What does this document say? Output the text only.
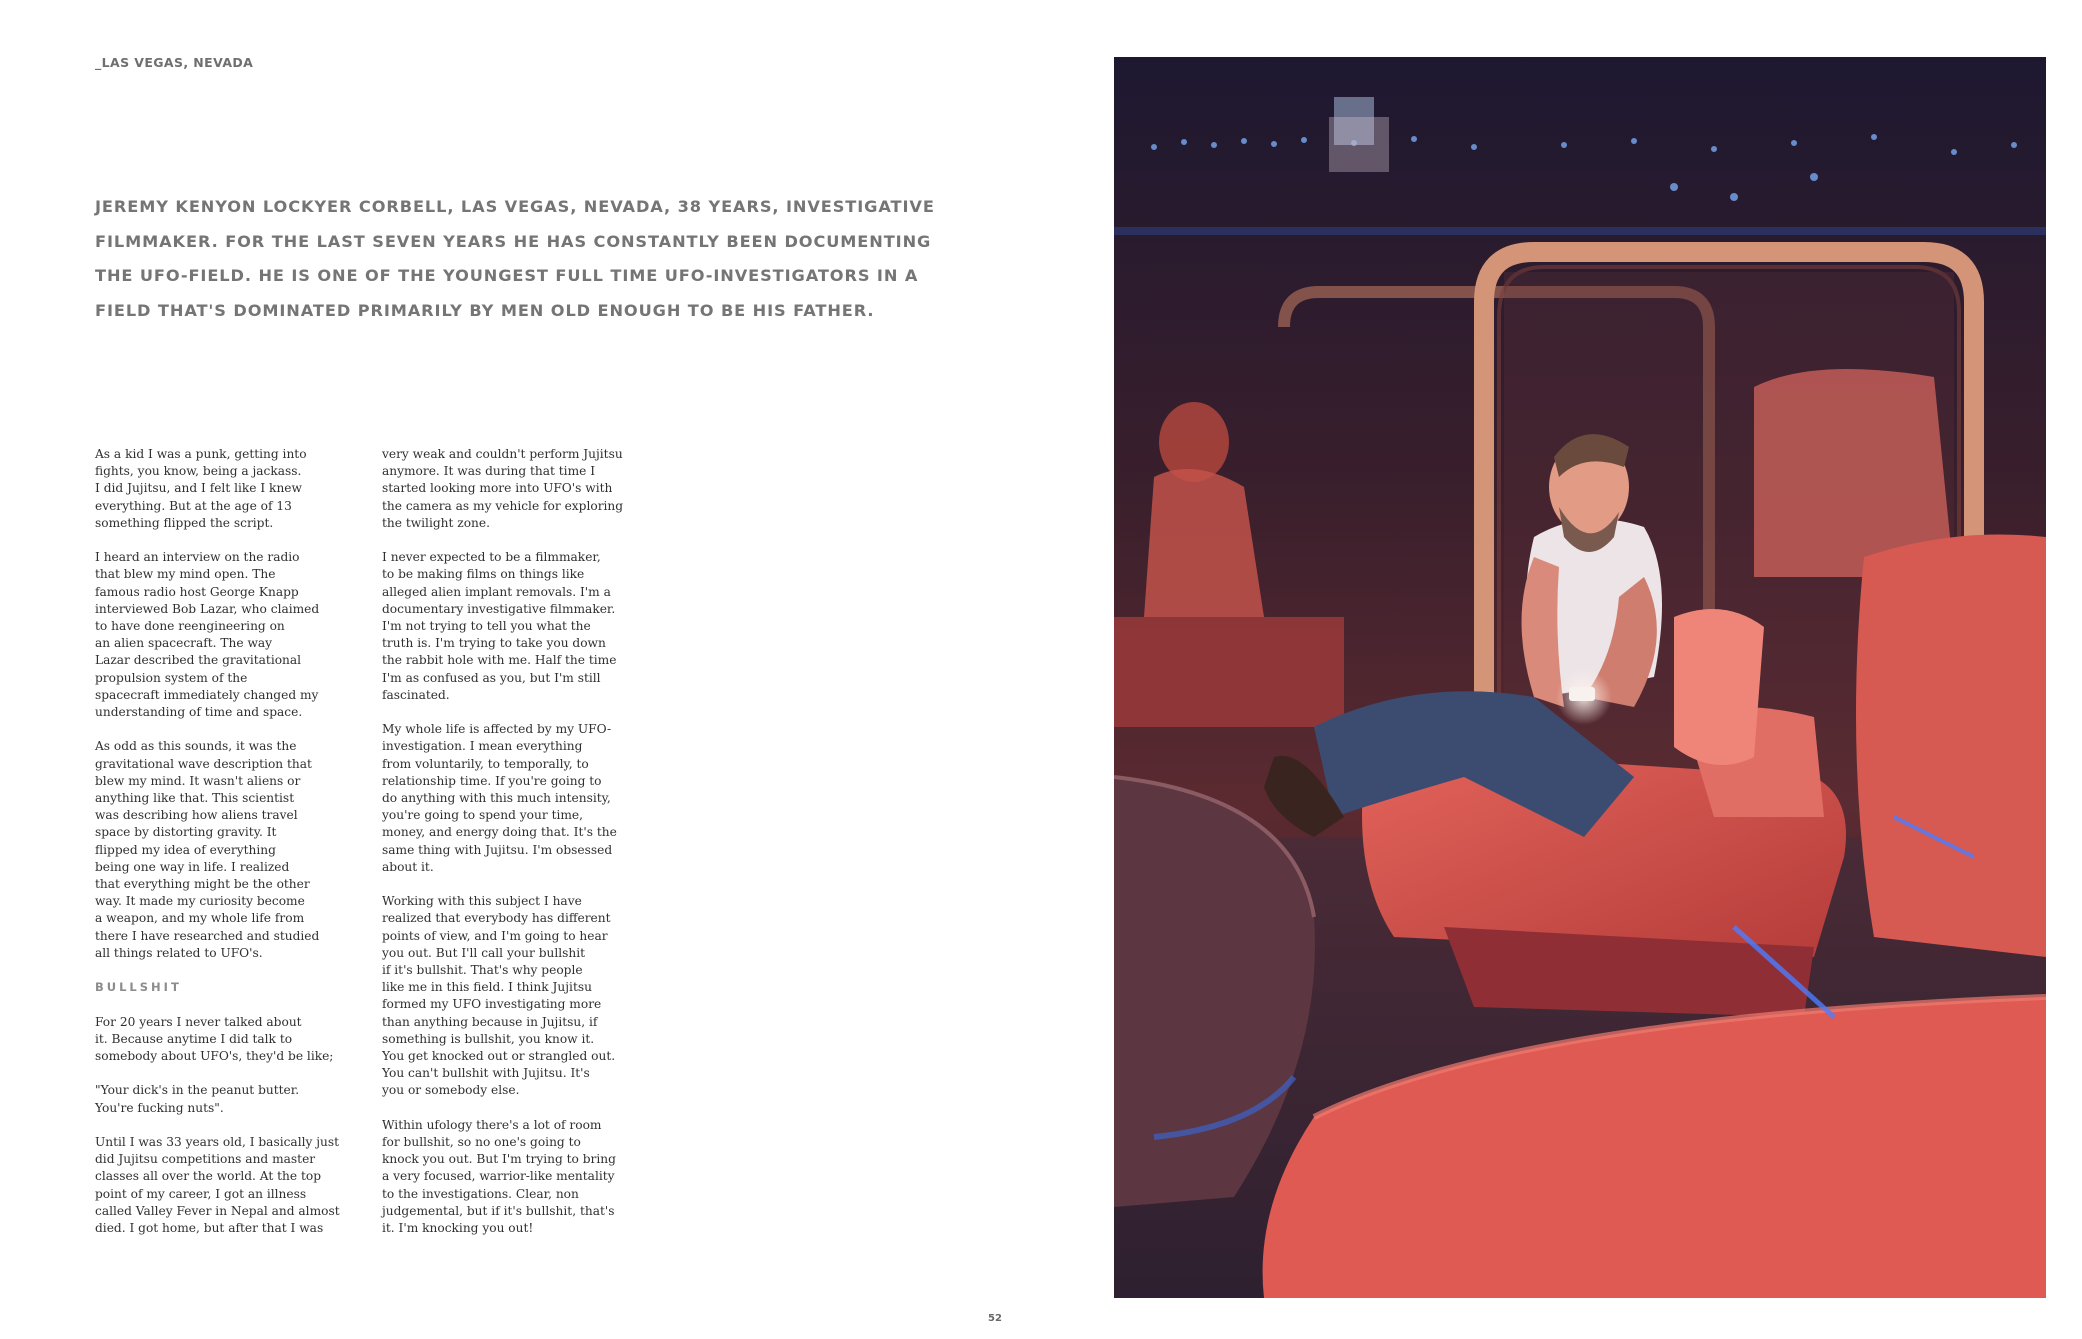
_LAS VEGAS, NEVADA

JEREMY KENYON LOCKYER CORBELL, LAS VEGAS, NEVADA, 38 YEARS, INVESTIGATIVE FILMMAKER. FOR THE LAST SEVEN YEARS HE HAS CONSTANTLY BEEN DOCUMENTING THE UFO-FIELD. HE IS ONE OF THE YOUNGEST FULL TIME UFO-INVESTIGATORS IN A FIELD THAT'S DOMINATED PRIMARILY BY MEN OLD ENOUGH TO BE HIS FATHER.

As a kid I was a punk, getting into
fights, you know, being a jackass.
I did Jujitsu, and I felt like I knew
everything. But at the age of 13
something flipped the script.

I heard an interview on the radio
that blew my mind open. The
famous radio host George Knapp
interviewed Bob Lazar, who claimed
to have done reengineering on
an alien spacecraft. The way
Lazar described the gravitational
propulsion system of the
spacecraft immediately changed my
understanding of time and space.

As odd as this sounds, it was the
gravitational wave description that
blew my mind. It wasn't aliens or
anything like that. This scientist
was describing how aliens travel
space by distorting gravity. It
flipped my idea of everything
being one way in life. I realized
that everything might be the other
way. It made my curiosity become
a weapon, and my whole life from
there I have researched and studied
all things related to UFO's.

BULLSHIT

For 20 years I never talked about
it. Because anytime I did talk to
somebody about UFO's, they'd be like;

"Your dick's in the peanut butter.
You're fucking nuts".

Until I was 33 years old, I basically just
did Jujitsu competitions and master
classes all over the world. At the top
point of my career, I got an illness
called Valley Fever in Nepal and almost
died. I got home, but after that I was

very weak and couldn't perform Jujitsu
anymore. It was during that time I
started looking more into UFO's with
the camera as my vehicle for exploring
the twilight zone.

I never expected to be a filmmaker,
to be making films on things like
alleged alien implant removals. I'm a
documentary investigative filmmaker.
I'm not trying to tell you what the
truth is. I'm trying to take you down
the rabbit hole with me. Half the time
I'm as confused as you, but I'm still
fascinated.

My whole life is affected by my UFO-
investigation. I mean everything
from voluntarily, to temporally, to
relationship time. If you're going to
do anything with this much intensity,
you're going to spend your time,
money, and energy doing that. It's the
same thing with Jujitsu. I'm obsessed
about it.

Working with this subject I have
realized that everybody has different
points of view, and I'm going to hear
you out. But I'll call your bullshit
if it's bullshit. That's why people
like me in this field. I think Jujitsu
formed my UFO investigating more
than anything because in Jujitsu, if
something is bullshit, you know it.
You get knocked out or strangled out.
You can't bullshit with Jujitsu. It's
you or somebody else.

Within ufology there's a lot of room
for bullshit, so no one's going to
knock you out. But I'm trying to bring
a very focused, warrior-like mentality
to the investigations. Clear, non
judgemental, but if it's bullshit, that's
it. I'm knocking you out!

52
